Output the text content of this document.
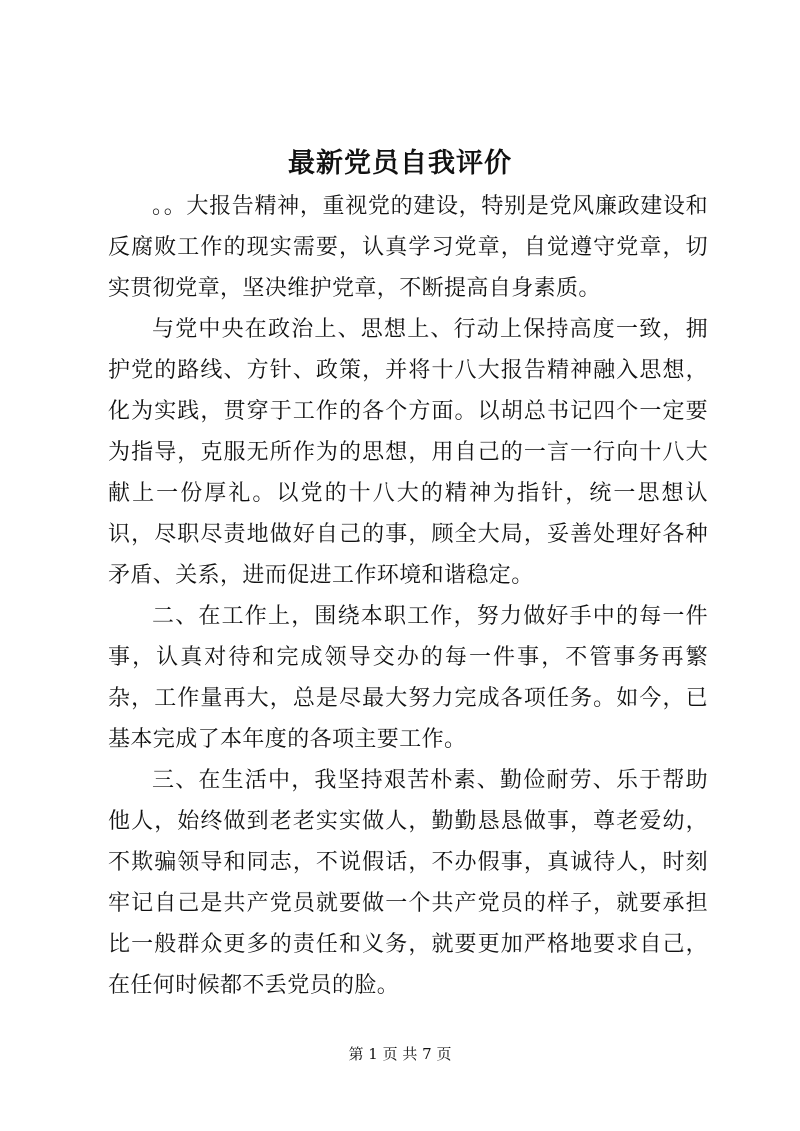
最新党员自我评价

。。大报告精神，重视党的建设，特别是党风廉政建设和反腐败工作的现实需要，认真学习党章，自觉遵守党章，切实贯彻党章，坚决维护党章，不断提高自身素质。

与党中央在政治上、思想上、行动上保持高度一致，拥护党的路线、方针、政策，并将十八大报告精神融入思想，化为实践，贯穿于工作的各个方面。以胡总书记四个一定要为指导，克服无所作为的思想，用自己的一言一行向十八大献上一份厚礼。以党的十八大的精神为指针，统一思想认识，尽职尽责地做好自己的事，顾全大局，妥善处理好各种矛盾、关系，进而促进工作环境和谐稳定。

二、在工作上，围绕本职工作，努力做好手中的每一件事，认真对待和完成领导交办的每一件事，不管事务再繁杂，工作量再大，总是尽最大努力完成各项任务。如今，已基本完成了本年度的各项主要工作。

三、在生活中，我坚持艰苦朴素、勤俭耐劳、乐于帮助他人，始终做到老老实实做人，勤勤恳恳做事，尊老爱幼，不欺骗领导和同志，不说假话，不办假事，真诚待人，时刻牢记自己是共产党员就要做一个共产党员的样子，就要承担比一般群众更多的责任和义务，就要更加严格地要求自己，在任何时候都不丢党员的脸。

第 1 页 共 7 页
